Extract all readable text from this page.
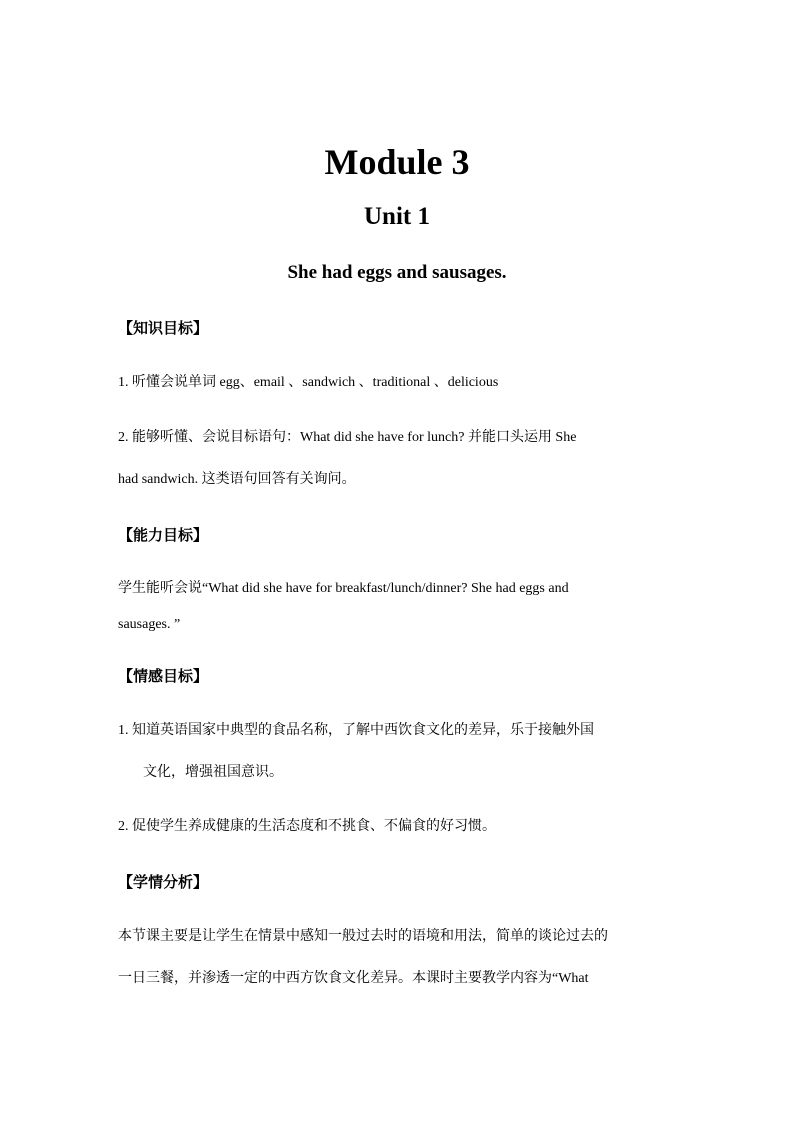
Module 3
Unit 1
She had eggs and sausages.

【知识目标】

1. 听懂会说单词 egg、email 、sandwich 、traditional 、delicious

2. 能够听懂、会说目标语句：What did she have for lunch? 并能口头运用 She

had sandwich. 这类语句回答有关询问。

【能力目标】

学生能听会说“What did she have for breakfast/lunch/dinner? She had eggs and

sausages. ”

【情感目标】

1. 知道英语国家中典型的食品名称，了解中西饮食文化的差异，乐于接触外国

文化，增强祖国意识。

2. 促使学生养成健康的生活态度和不挑食、不偏食的好习惯。

【学情分析】

本节课主要是让学生在情景中感知一般过去时的语境和用法，简单的谈论过去的

一日三餐，并渗透一定的中西方饮食文化差异。本课时主要教学内容为“What
